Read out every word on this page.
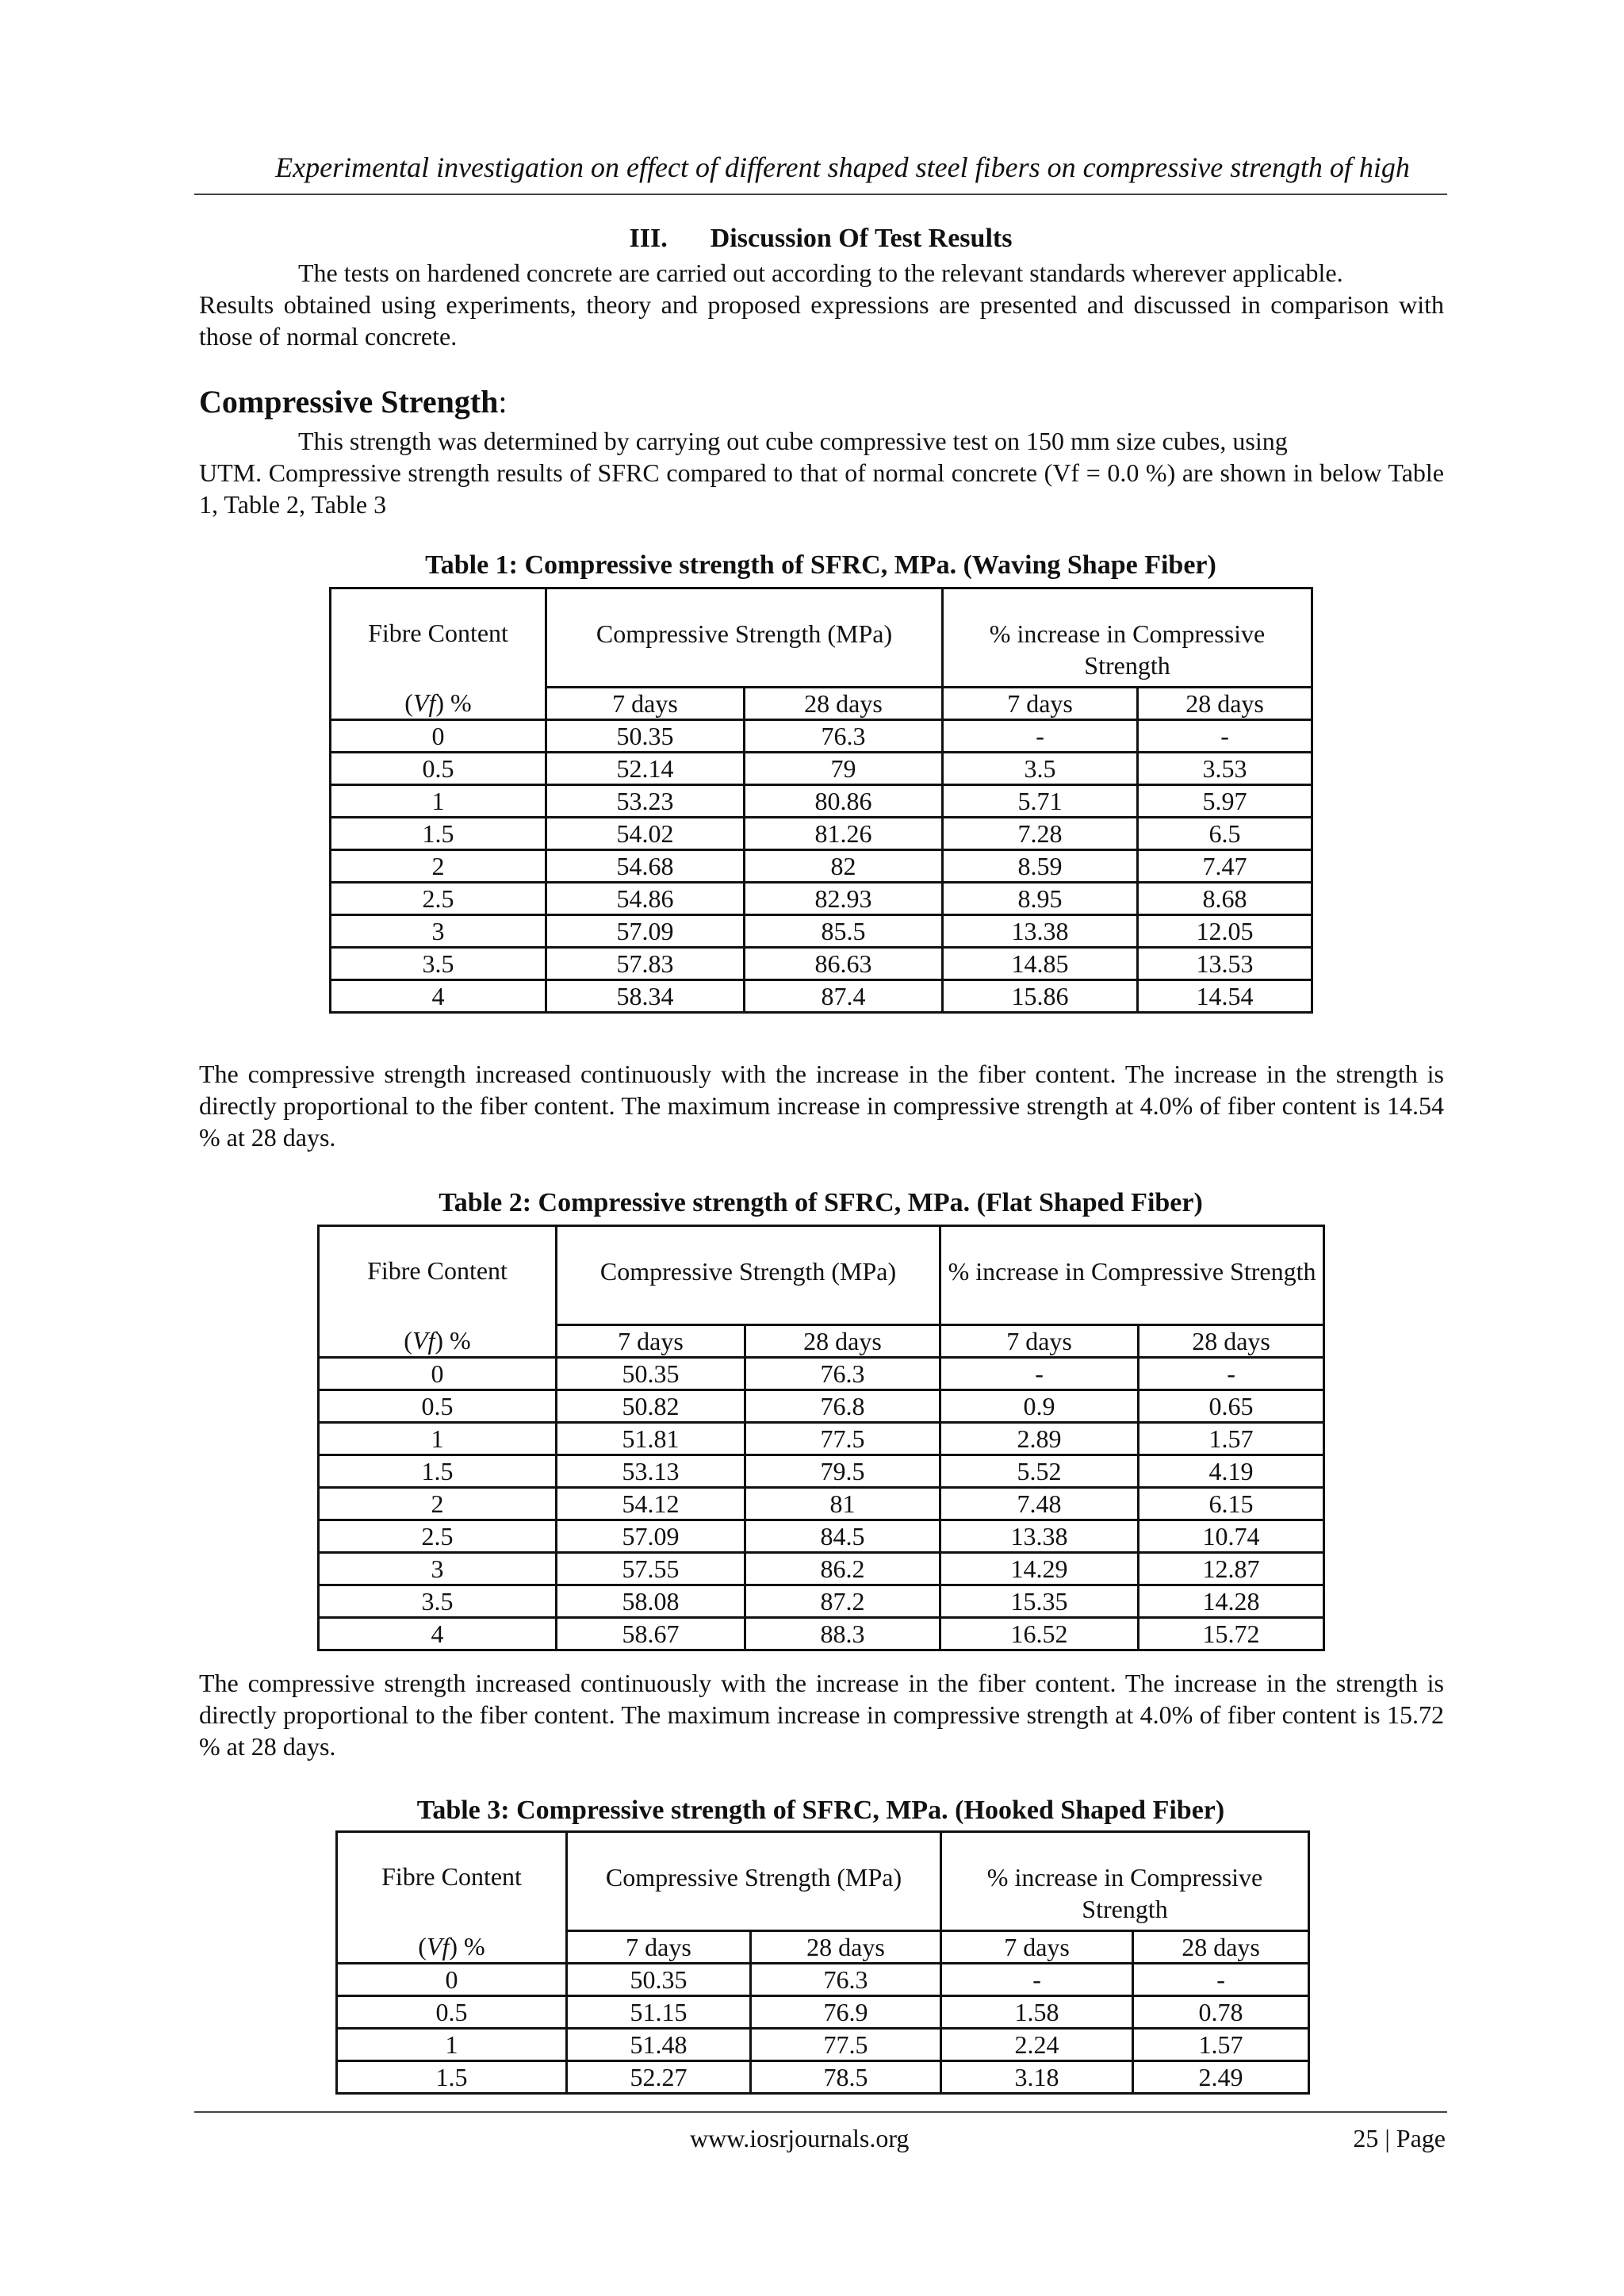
Experimental investigation on effect of different shaped steel fibers on compressive strength of high
III. Discussion Of Test Results
The tests on hardened concrete are carried out according to the relevant standards wherever applicable.
Results obtained using experiments, theory and proposed expressions are presented and discussed in comparison with those of normal concrete.
Compressive Strength:
This strength was determined by carrying out cube compressive test on 150 mm size cubes, using
UTM. Compressive strength results of SFRC compared to that of normal concrete (Vf = 0.0 %) are shown in below Table 1, Table 2, Table 3
Table 1: Compressive strength of SFRC, MPa. (Waving Shape Fiber)
Fibre Content	Compressive Strength (MPa)		% increase in Compressive Strength	
(Vf) %	7 days	28 days	7 days	28 days
0	50.35	76.3	-	-
0.5	52.14	79	3.5	3.53
1	53.23	80.86	5.71	5.97
1.5	54.02	81.26	7.28	6.5
2	54.68	82	8.59	7.47
2.5	54.86	82.93	8.95	8.68
3	57.09	85.5	13.38	12.05
3.5	57.83	86.63	14.85	13.53
4	58.34	87.4	15.86	14.54
The compressive strength increased continuously with the increase in the fiber content. The increase in the strength is directly proportional to the fiber content. The maximum increase in compressive strength at 4.0% of fiber content is 14.54 % at 28 days.
Table 2: Compressive strength of SFRC, MPa. (Flat Shaped Fiber)
Fibre Content	Compressive Strength (MPa)		% increase in Compressive Strength	
(Vf) %	7 days	28 days	7 days	28 days
0	50.35	76.3	-	-
0.5	50.82	76.8	0.9	0.65
1	51.81	77.5	2.89	1.57
1.5	53.13	79.5	5.52	4.19
2	54.12	81	7.48	6.15
2.5	57.09	84.5	13.38	10.74
3	57.55	86.2	14.29	12.87
3.5	58.08	87.2	15.35	14.28
4	58.67	88.3	16.52	15.72
The compressive strength increased continuously with the increase in the fiber content. The increase in the strength is directly proportional to the fiber content. The maximum increase in compressive strength at 4.0% of fiber content is 15.72 % at 28 days.
Table 3: Compressive strength of SFRC, MPa. (Hooked Shaped Fiber)
Fibre Content	Compressive Strength (MPa)		% increase in Compressive Strength	
(Vf) %	7 days	28 days	7 days	28 days
0	50.35	76.3	-	-
0.5	51.15	76.9	1.58	0.78
1	51.48	77.5	2.24	1.57
1.5	52.27	78.5	3.18	2.49
www.iosrjournals.org	25 | Page
